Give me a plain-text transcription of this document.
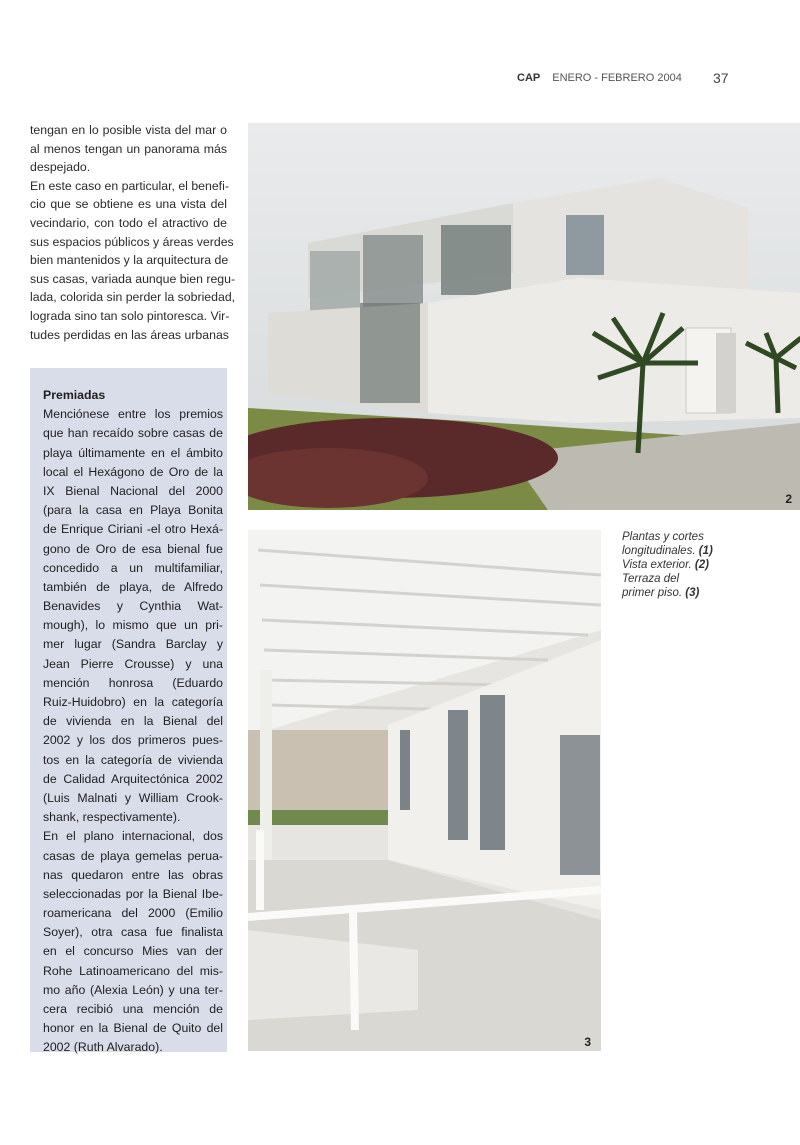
CAP ENERO - FEBRERO 2004 37
tengan en lo posible vista del mar o
al menos tengan un panorama más
despejado.
En este caso en particular, el benefi-
cio que se obtiene es una vista del
vecindario, con todo el atractivo de
sus espacios públicos y áreas verdes
bien mantenidos y la arquitectura de
sus casas, variada aunque bien regu-
lada, colorida sin perder la sobriedad,
lograda sino tan solo pintoresca. Vir-
tudes perdidas en las áreas urbanas
Premiadas
Menciónese entre los premios
que han recaído sobre casas de
playa últimamente en el ámbito
local el Hexágono de Oro de la
IX Bienal Nacional del 2000
(para la casa en Playa Bonita
de Enrique Ciriani -el otro Hexá-
gono de Oro de esa bienal fue
concedido a un multifamiliar,
también de playa, de Alfredo
Benavides y Cynthia Wat-
mough), lo mismo que un pri-
mer lugar (Sandra Barclay y
Jean Pierre Crousse) y una
mención honrosa (Eduardo
Ruiz-Huidobro) en la categoría
de vivienda en la Bienal del
2002 y los dos primeros pues-
tos en la categoría de vivienda
de Calidad Arquitectónica 2002
(Luis Malnati y William Crook-
shank, respectivamente).
En el plano internacional, dos
casas de playa gemelas perua-
nas quedaron entre las obras
seleccionadas por la Bienal Ibe-
roamericana del 2000 (Emilio
Soyer), otra casa fue finalista
en el concurso Mies van der
Rohe Latinoamericano del mis-
mo año (Alexia León) y una ter-
cera recibió una mención de
honor en la Bienal de Quito del
2002 (Ruth Alvarado).
2
3
Plantas y cortes
longitudinales. (1)
Vista exterior. (2)
Terraza del
primer piso. (3)
